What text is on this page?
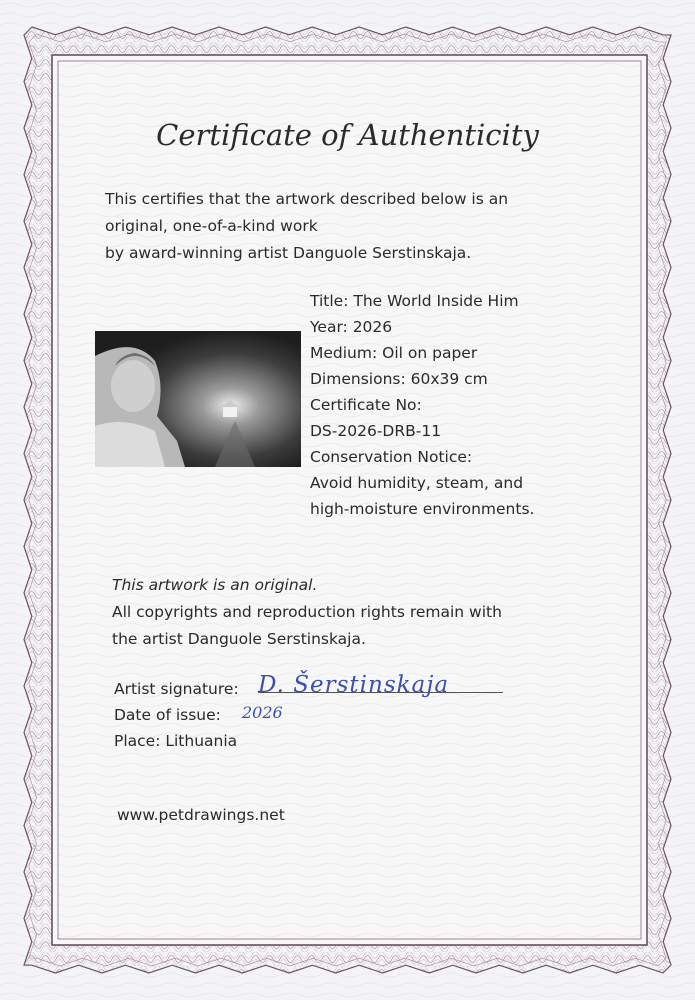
Certificate of Authenticity
This certifies that the artwork described below is an
original, one-of-a-kind work
by award-winning artist Danguole Serstinskaja.
Title: The World Inside Him
Year: 2026
Medium: Oil on paper
Dimensions: 60x39 cm
Certificate No:
DS-2026-DRB-11
Conservation Notice:
Avoid humidity, steam, and
high-moisture environments.
This artwork is an original.
All copyrights and reproduction rights remain with
the artist Danguole Serstinskaja.
Artist signature:
Date of issue:
Place: Lithuania
D. Šerstinskaja
2026
www.petdrawings.net
